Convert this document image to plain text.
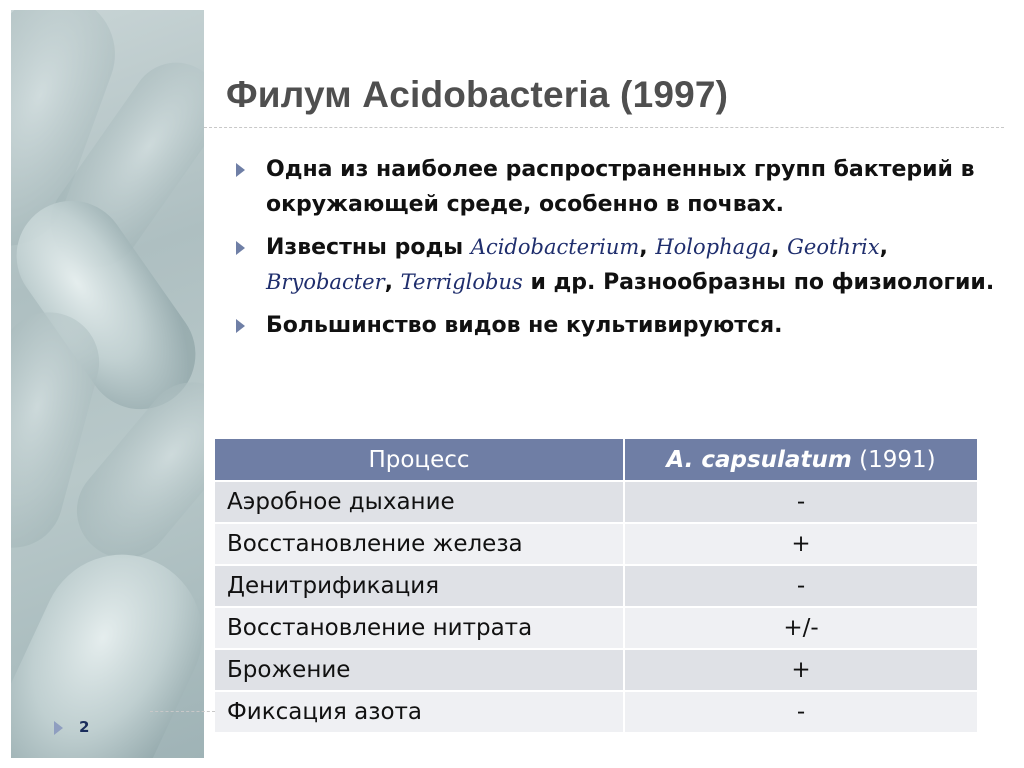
Филум Acidobacteria (1997)
Одна из наиболее распространенных групп бактерий в окружающей среде, особенно в почвах.
Известны роды Acidobacterium, Holophaga, Geothrix, Bryobacter, Terriglobus и др. Разнообразны по физиологии.
Большинство видов не культивируются.
Процесс	A. capsulatum (1991)
Аэробное дыхание	-
Восстановление железа	+
Денитрификация	-
Восстановление нитрата	+/-
Брожение	+
Фиксация азота	-
2
